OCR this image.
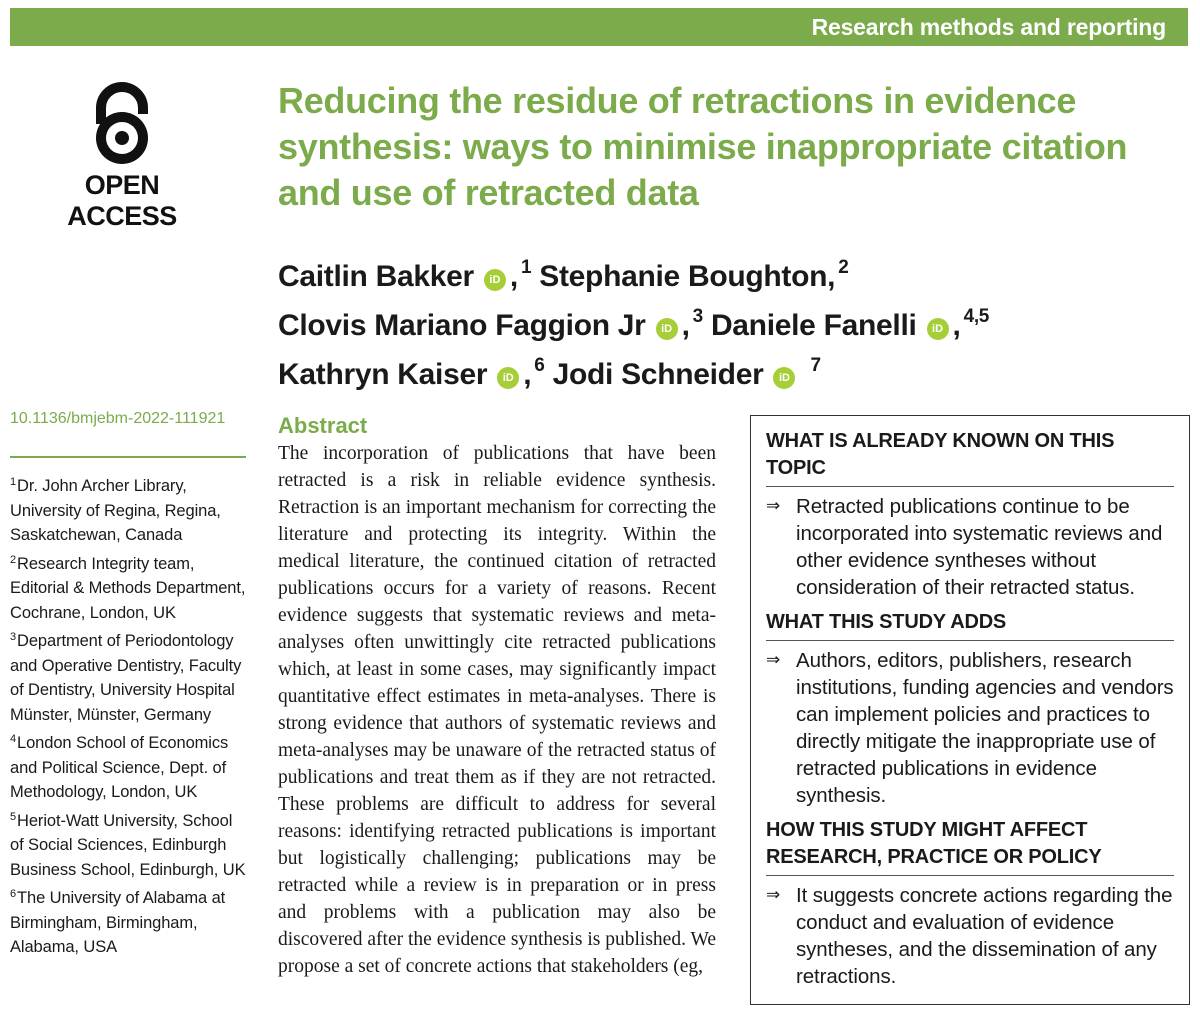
Research methods and reporting
OPEN ACCESS
Reducing the residue of retractions in evidence synthesis: ways to minimise inappropriate citation and use of retracted data

Caitlin Bakker iD , $^1$ Stephanie Boughton, $^2$
Clovis Mariano Faggion Jr iD , $^3$ Daniele Fanelli iD , $^{4,5}$
Kathryn Kaiser iD , $^6$ Jodi Schneider iD $^7$

10.1136/bmjebm-2022-111921
$^1$Dr. John Archer Library, University of Regina, Regina, Saskatchewan, Canada
$^2$Research Integrity team, Editorial & Methods Department, Cochrane, London, UK
$^3$Department of Periodontology and Operative Dentistry, Faculty of Dentistry, University Hospital Münster, Münster, Germany
$^4$London School of Economics and Political Science, Dept. of Methodology, London, UK
$^5$Heriot-Watt University, School of Social Sciences, Edinburgh Business School, Edinburgh, UK
$^6$The University of Alabama at Birmingham, Birmingham, Alabama, USA
Abstract

The incorporation of publications that have been retracted is a risk in reliable evidence synthesis. Retraction is an important mechanism for correcting the literature and protecting its integrity. Within the medical literature, the continued citation of retracted publications occurs for a variety of reasons. Recent evidence suggests that systematic reviews and meta-analyses often unwittingly cite retracted publications which, at least in some cases, may significantly impact quantitative effect estimates in meta-analyses. There is strong evidence that authors of systematic reviews and meta-analyses may be unaware of the retracted status of publications and treat them as if they are not retracted. These problems are difficult to address for several reasons: identifying retracted publications is important but logistically challenging; publications may be retracted while a review is in preparation or in press and problems with a publication may also be discovered after the evidence synthesis is published. We propose a set of concrete actions that stakeholders (eg,

WHAT IS ALREADY KNOWN ON THIS TOPIC
⇒ Retracted publications continue to be incorporated into systematic reviews and other evidence syntheses without consideration of their retracted status.
WHAT THIS STUDY ADDS
⇒ Authors, editors, publishers, research institutions, funding agencies and vendors can implement policies and practices to directly mitigate the inappropriate use of retracted publications in evidence synthesis.
HOW THIS STUDY MIGHT AFFECT RESEARCH, PRACTICE OR POLICY
⇒ It suggests concrete actions regarding the conduct and evaluation of evidence syntheses, and the dissemination of any retractions.
